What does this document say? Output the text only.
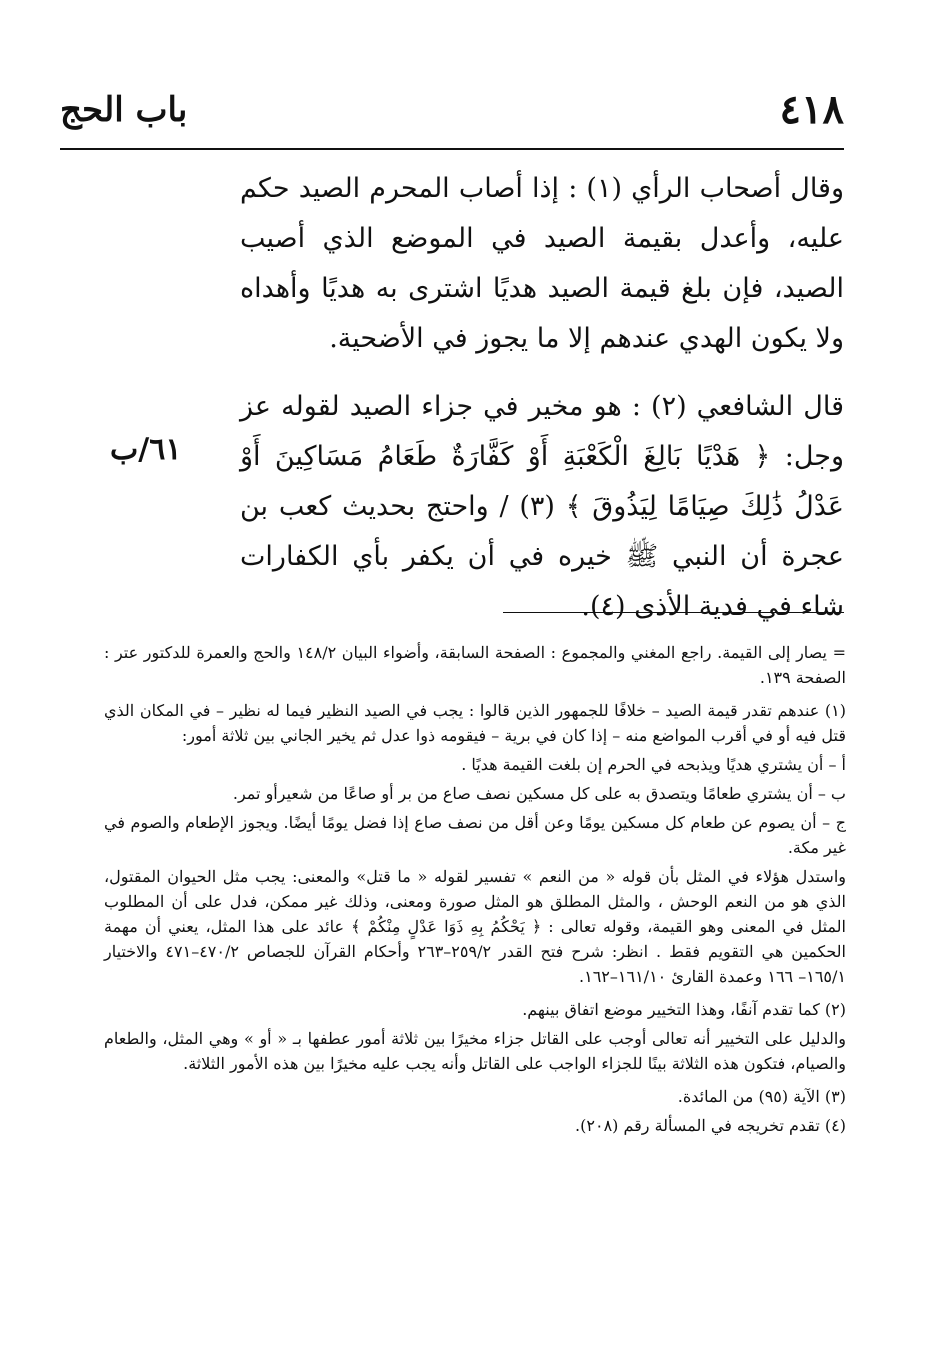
٤١٨
باب الحج
٦١/ب

وقال أصحاب الرأي (١) : إذا أصاب المحرم الصيد حكم عليه، وأعدل بقيمة الصيد في الموضع الذي أصيب الصيد، فإن بلغ قيمة الصيد هديًا اشترى به هديًا وأهداه ولا يكون الهدي عندهم إلا ما يجوز في الأضحية.

قال الشافعي (٢) : هو مخير في جزاء الصيد لقوله عز وجل: ﴿ هَدْيًا بَالِغَ الْكَعْبَةِ أَوْ كَفَّارَةٌ طَعَامُ مَسَاكِينَ أَوْ عَدْلُ ذَٰلِكَ صِيَامًا لِيَذُوقَ ﴾ (٣) / واحتج بحديث كعب بن عجرة أن النبي ﷺ خيره في أن يكفر بأي الكفارات شاء في فدية الأذى (٤).

= يصار إلى القيمة. راجع المغني والمجموع : الصفحة السابقة، وأضواء البيان ١٤٨/٢ والحج والعمرة للدكتور عتر : الصفحة ١٣٩.

(١) عندهم تقدر قيمة الصيد – خلافًا للجمهور الذين قالوا : يجب في الصيد النظير فيما له نظير – في المكان الذي قتل فيه أو في أقرب المواضع منه – إذا كان في برية – فيقومه ذوا عدل ثم يخير الجاني بين ثلاثة أمور:

أ – أن يشتري هديًا ويذبحه في الحرم إن بلغت القيمة هديًا .

ب – أن يشتري طعامًا ويتصدق به على كل مسكين نصف صاع من بر أو صاعًا من شعيرأو تمر.

ج – أن يصوم عن طعام كل مسكين يومًا وعن أقل من نصف صاع إذا فضل يومًا أيضًا. ويجوز الإطعام والصوم في غير مكة.

واستدل هؤلاء في المثل بأن قوله « من النعم » تفسير لقوله « ما قتل» والمعنى: يجب مثل الحيوان المقتول، الذي هو من النعم الوحش ، والمثل المطلق هو المثل صورة ومعنى، وذلك غير ممكن، فدل على أن المطلوب المثل في المعنى وهو القيمة، وقوله تعالى : ﴿ يَحْكُمُ بِهِ ذَوَا عَدْلٍ مِنْكُمْ ﴾ عائد على هذا المثل، يعني أن مهمة الحكمين هي التقويم فقط . انظر: شرح فتح القدر ٢٥٩/٢–٢٦٣ وأحكام القرآن للجصاص ٤٧٠/٢–٤٧١ والاختيار ١٦٥/١– ١٦٦ وعمدة القارئ ١٦١/١٠–١٦٢.

(٢) كما تقدم آنفًا، وهذا التخيير موضع اتفاق بينهم.

والدليل على التخيير أنه تعالى أوجب على القاتل جزاء مخيرًا بين ثلاثة أمور عطفها بـ « أو » وهي المثل، والطعام والصيام، فتكون هذه الثلاثة بينًا للجزاء الواجب على القاتل وأنه يجب عليه مخيرًا بين هذه الأمور الثلاثة.

(٣) الآية (٩٥) من المائدة.

(٤) تقدم تخريجه في المسألة رقم (٢٠٨).
